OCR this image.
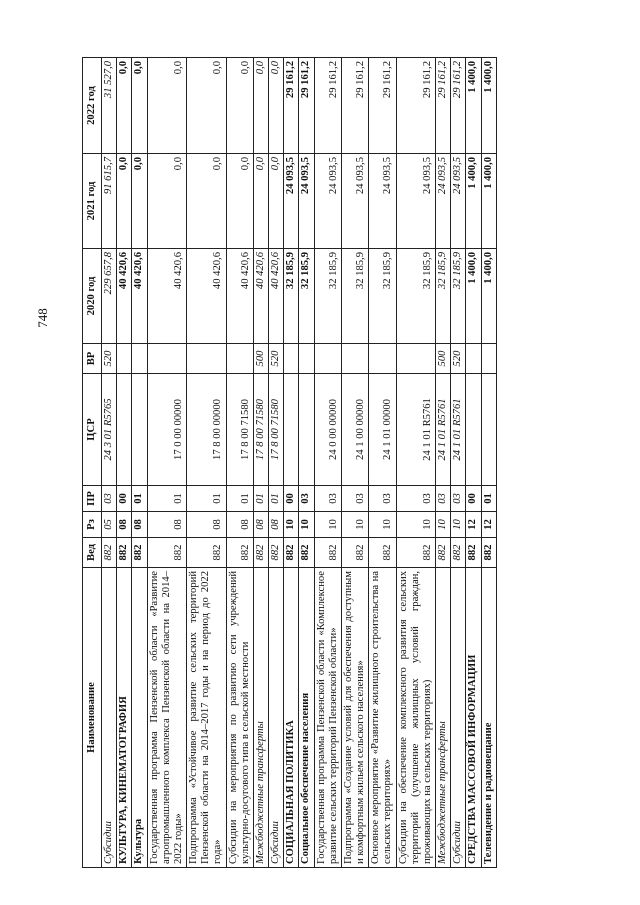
748
Наименование	Вед	Рз	ПР	ЦСР	ВР	2020 год	2021 год	2022 год
Субсидии	882	05	03	24 3 01 R5765	520	229 657,8	91 615,7	31 527,0
КУЛЬТУРА, КИНЕМАТОГРАФИЯ	882	08	00			40 420,6	0,0	0,0
Культура	882	08	01			40 420,6	0,0	0,0
Государственная программа Пензенской области «Развитие агропромышленного комплекса Пензенской области на 2014–2022 годы»	882	08	01	17 0 00 00000		40 420,6	0,0	0,0
Подпрограмма «Устойчивое развитие сельских территорий Пензенской области на 2014–2017 годы и на период до 2022 года»	882	08	01	17 8 00 00000		40 420,6	0,0	0,0
Субсидии на мероприятия по развитию сети учреждений культурно-досугового типа в сельской местности	882	08	01	17 8 00 71580		40 420,6	0,0	0,0
Межбюджетные трансферты	882	08	01	17 8 00 71580	500	40 420,6	0,0	0,0
Субсидии	882	08	01	17 8 00 71580	520	40 420,6	0,0	0,0
СОЦИАЛЬНАЯ ПОЛИТИКА	882	10	00			32 185,9	24 093,5	29 161,2
Социальное обеспечение населения	882	10	03			32 185,9	24 093,5	29 161,2
Государственная программа Пензенской области «Комплексное развитие сельских территорий Пензенской области»	882	10	03	24 0 00 00000		32 185,9	24 093,5	29 161,2
Подпрограмма «Создание условий для обеспечения доступным и комфортным жильем сельского населения»	882	10	03	24 1 00 00000		32 185,9	24 093,5	29 161,2
Основное мероприятие «Развитие жилищного строительства на сельских территориях»	882	10	03	24 1 01 00000		32 185,9	24 093,5	29 161,2
Субсидии на обеспечение комплексного развития сельских территорий (улучшение жилищных условий граждан, проживающих на сельских территориях)	882	10	03	24 1 01 R5761		32 185,9	24 093,5	29 161,2
Межбюджетные трансферты	882	10	03	24 1 01 R5761	500	32 185,9	24 093,5	29 161,2
Субсидии	882	10	03	24 1 01 R5761	520	32 185,9	24 093,5	29 161,2
СРЕДСТВА МАССОВОЙ ИНФОРМАЦИИ	882	12	00			1 400,0	1 400,0	1 400,0
Телевидение и радиовещание	882	12	01			1 400,0	1 400,0	1 400,0
